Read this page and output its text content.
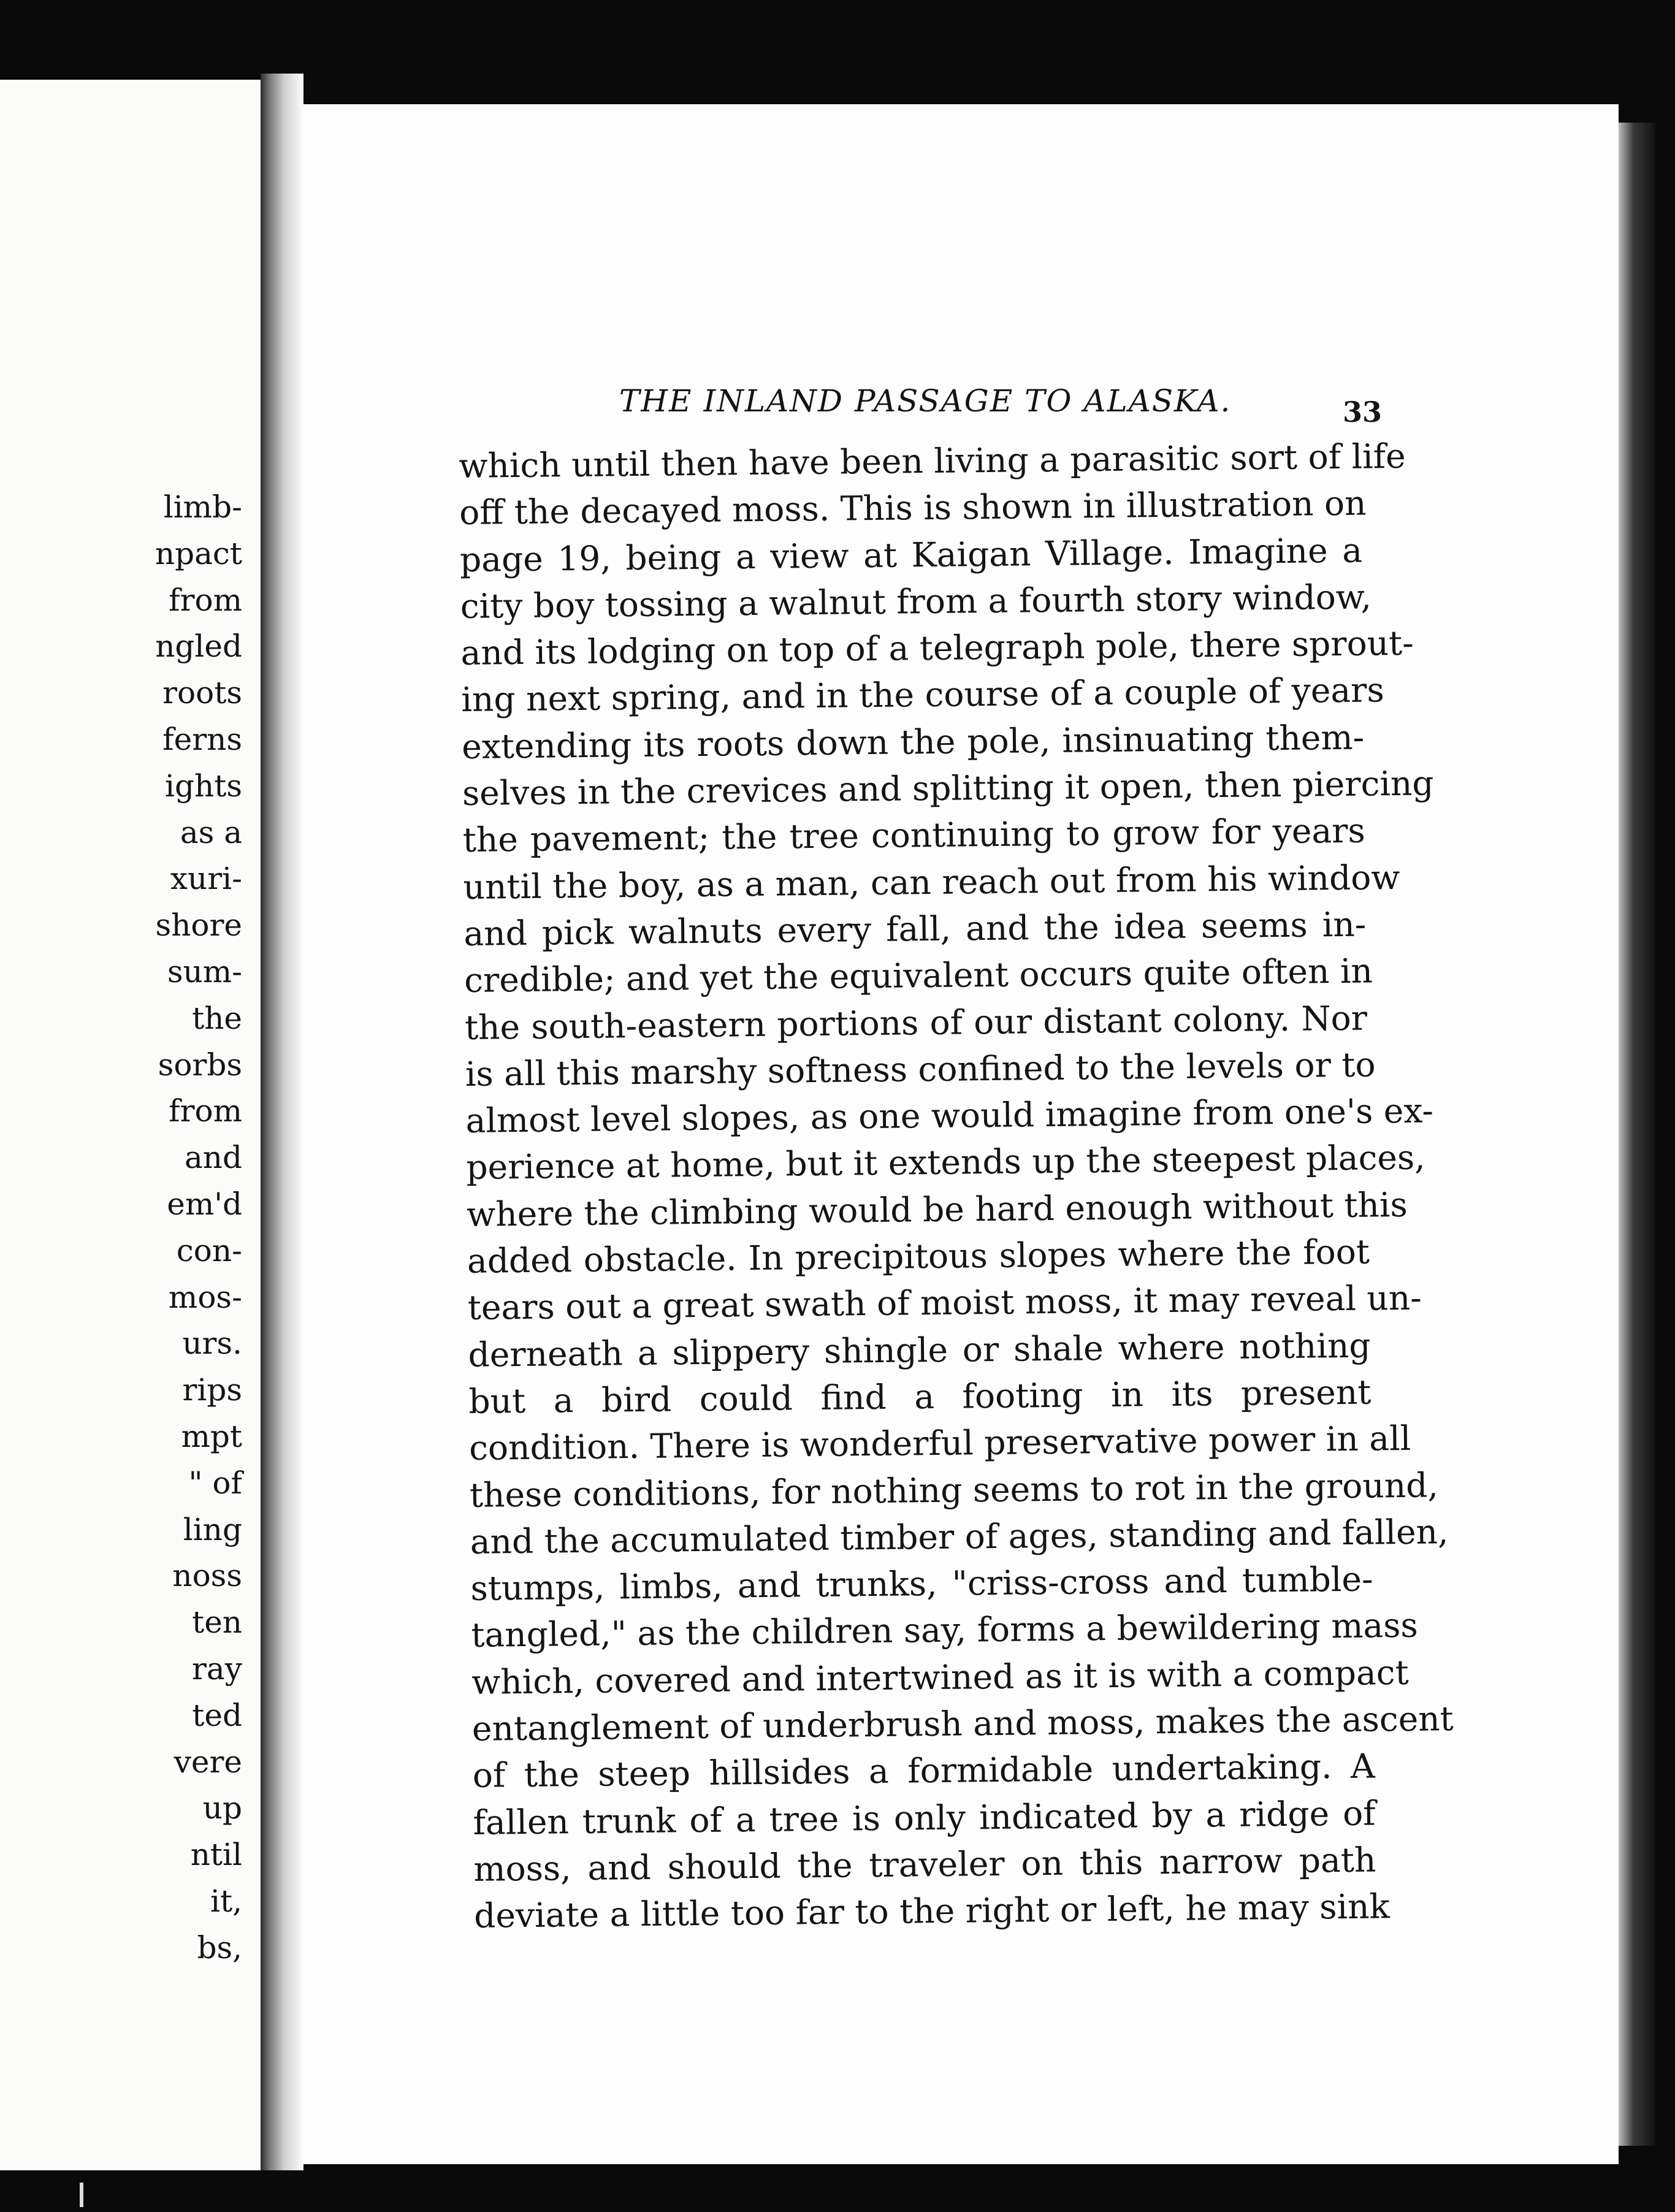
limb-
npact
from
ngled
roots
ferns
ights
as a
xuri-
shore
sum-
the
sorbs
from
and
em'd
con-
mos-
urs.
rips
mpt
" of
ling
noss
ten
ray
ted
vere
up
ntil
it,
bs,
THE INLAND PASSAGE TO ALASKA.	33
which until then have been living a parasitic sort of life
off the decayed moss. This is shown in illustration on
page 19, being a view at Kaigan Village. Imagine a
city boy tossing a walnut from a fourth story window,
and its lodging on top of a telegraph pole, there sprout-
ing next spring, and in the course of a couple of years
extending its roots down the pole, insinuating them-
selves in the crevices and splitting it open, then piercing
the pavement; the tree continuing to grow for years
until the boy, as a man, can reach out from his window
and pick walnuts every fall, and the idea seems in-
credible; and yet the equivalent occurs quite often in
the south-eastern portions of our distant colony. Nor
is all this marshy softness confined to the levels or to
almost level slopes, as one would imagine from one's ex-
perience at home, but it extends up the steepest places,
where the climbing would be hard enough without this
added obstacle. In precipitous slopes where the foot
tears out a great swath of moist moss, it may reveal un-
derneath a slippery shingle or shale where nothing
but a bird could find a footing in its present
condition. There is wonderful preservative power in all
these conditions, for nothing seems to rot in the ground,
and the accumulated timber of ages, standing and fallen,
stumps, limbs, and trunks, "criss-cross and tumble-
tangled," as the children say, forms a bewildering mass
which, covered and intertwined as it is with a compact
entanglement of underbrush and moss, makes the ascent
of the steep hillsides a formidable undertaking. A
fallen trunk of a tree is only indicated by a ridge of
moss, and should the traveler on this narrow path
deviate a little too far to the right or left, he may sink
